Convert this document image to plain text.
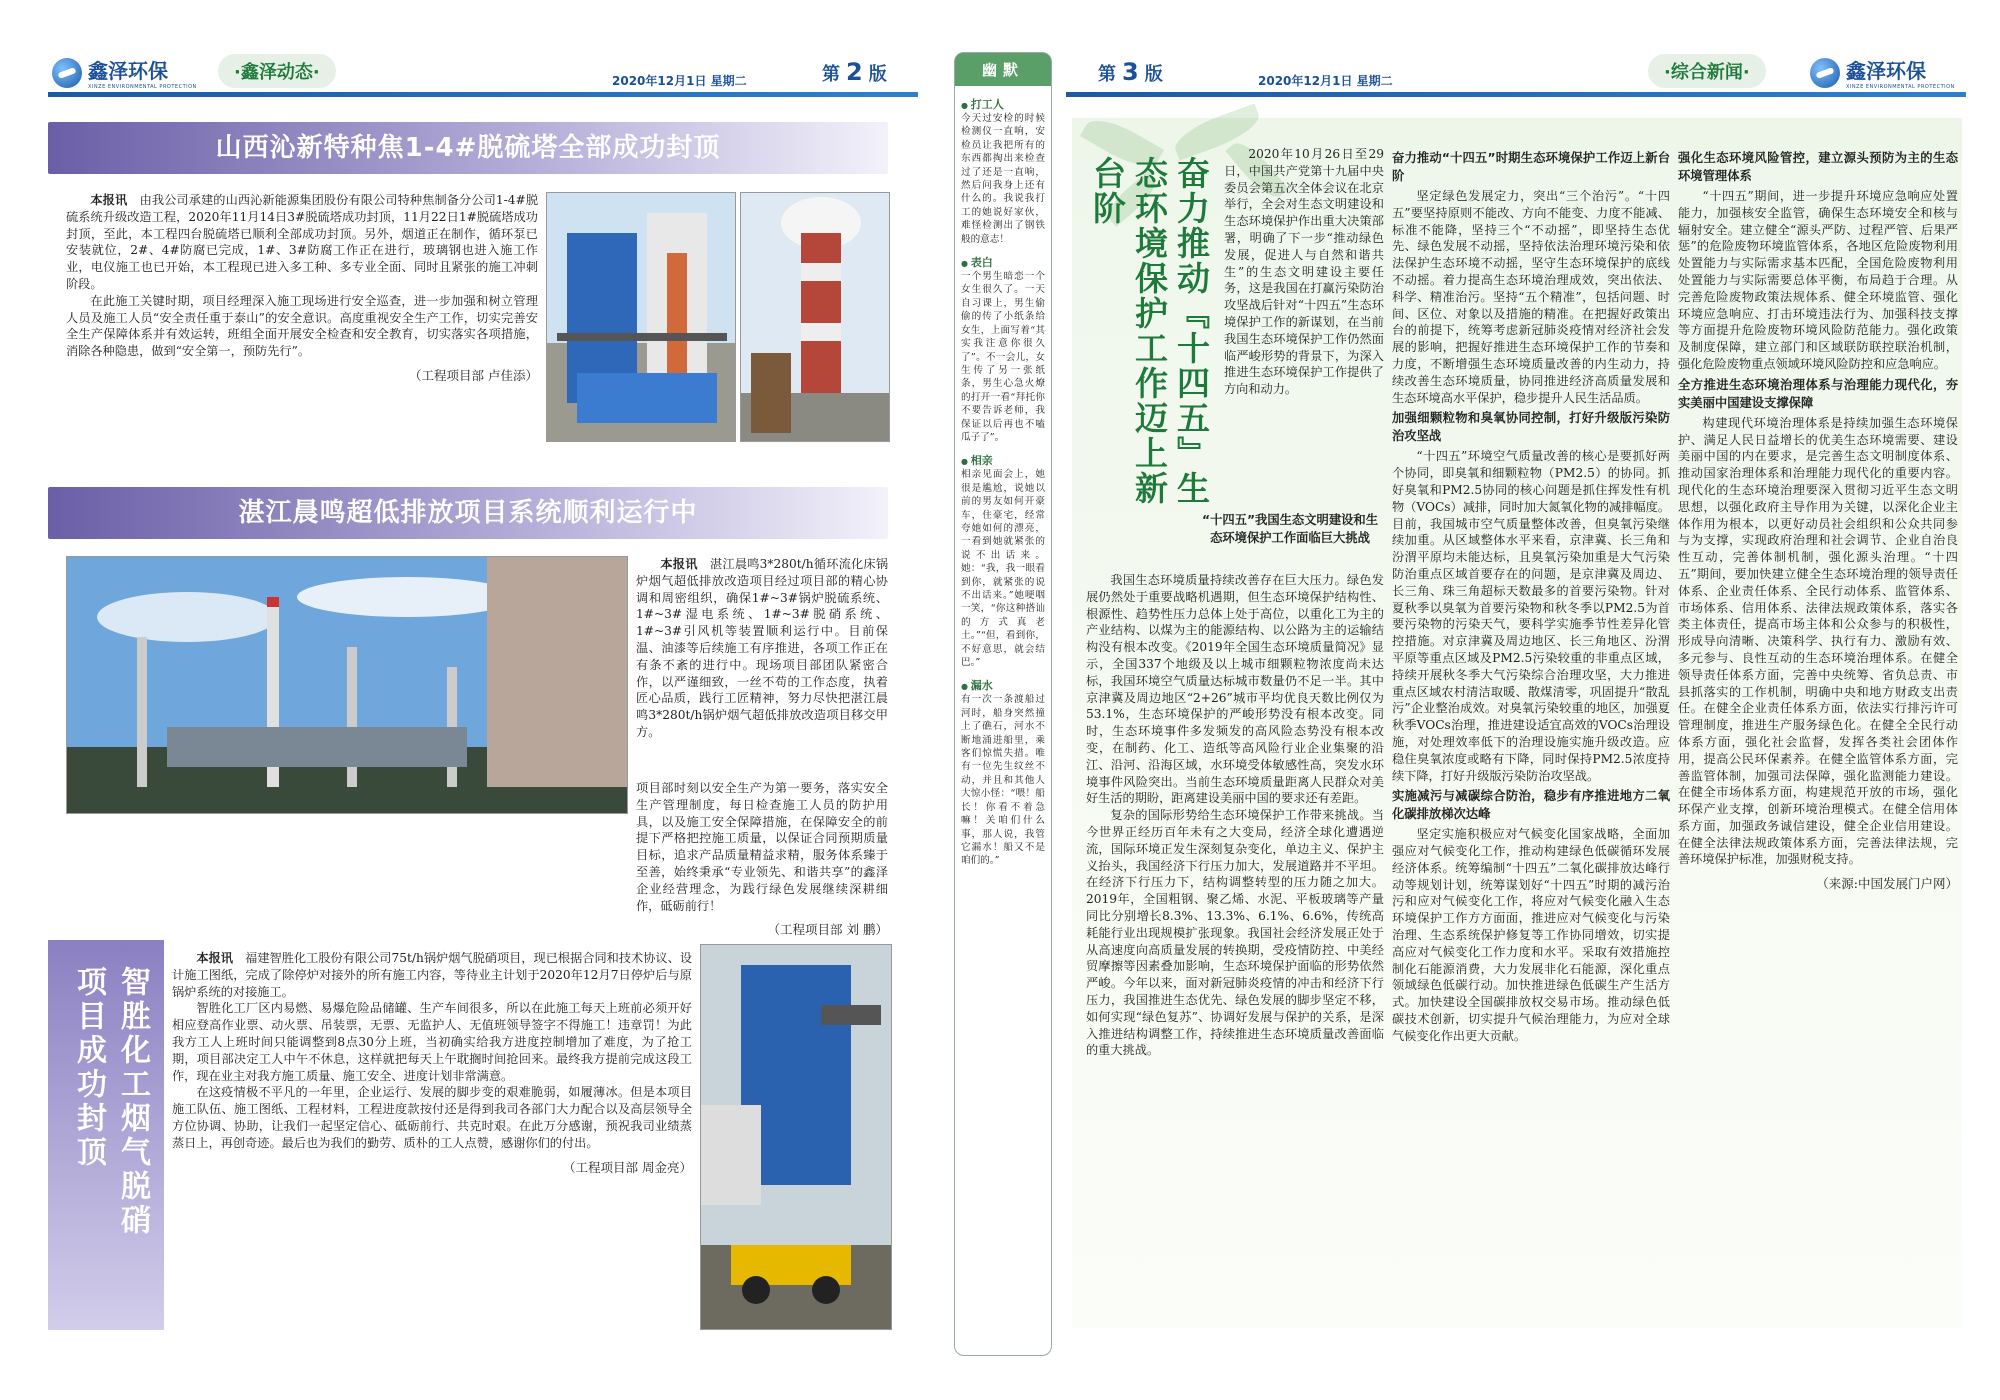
鑫泽环保
XINZE ENVIRONMENTAL PROTECTION
·鑫泽动态·	2020年12月1日 星期二	第 2 版
山西沁新特种焦1-4#脱硫塔全部成功封顶

本报讯　 由我公司承建的山西沁新能源集团股份有限公司特种焦制备分公司1-4#脱硫系统升级改造工程，2020年11月14日3#脱硫塔成功封顶，11月22日1#脱硫塔成功封顶，至此，本工程四台脱硫塔已顺利全部成功封顶。另外，烟道正在制作，循环泵已安装就位，2#、4#防腐已完成，1#、3#防腐工作正在进行，玻璃钢也进入施工作业，电仪施工也已开始，本工程现已进入多工种、多专业全面、同时且紧张的施工冲刺阶段。

在此施工关键时期，项目经理深入施工现场进行安全巡查，进一步加强和树立管理人员及施工人员“安全责任重于泰山”的安全意识。高度重视安全生产工作，切实完善安全生产保障体系并有效运转，班组全面开展安全检查和安全教育，切实落实各项措施，消除各种隐患，做到“安全第一，预防先行”。

（工程项目部 卢佳添）
湛江晨鸣超低排放项目系统顺利运行中

本报讯　 湛江晨鸣3*280t/h循环流化床锅炉烟气超低排放改造项目经过项目部的精心协调和周密组织，确保1#~3#锅炉脱硫系统、1#~3#湿电系统、1#~3#脱硝系统、1#~3#引风机等装置顺利运行中。目前保温、油漆等后续施工有序推进，各项工作正在有条不紊的进行中。现场项目部团队紧密合作，以严谨细致，一丝不苟的工作态度，执着匠心品质，践行工匠精神，努力尽快把湛江晨鸣3*280t/h锅炉烟气超低排放改造项目移交甲方。

项目部时刻以安全生产为第一要务，落实安全生产管理制度，每日检查施工人员的防护用具，以及施工安全保障措施，在保障安全的前提下严格把控施工质量，以保证合同预期质量目标，追求产品质量精益求精，服务体系臻于至善，始终秉承“专业领先、和谐共享”的鑫泽企业经营理念，为践行绿色发展继续深耕细作，砥砺前行！

（工程项目部 刘 鹏）
智胜化工烟气脱硝
项目成功封顶

本报讯　 福建智胜化工股份有限公司75t/h锅炉烟气脱硝项目，现已根据合同和技术协议、设计施工图纸，完成了除停炉对接外的所有施工内容，等待业主计划于2020年12月7日停炉后与原锅炉系统的对接施工。

智胜化工厂区内易燃、易爆危险品储罐、生产车间很多，所以在此施工每天上班前必须开好相应登高作业票、动火票、吊装票，无票、无监护人、无值班领导签字不得施工！违章罚！为此我方工人上班时间只能调整到8点30分上班，当初确实给我方进度控制增加了难度，为了抢工期，项目部决定工人中午不休息，这样就把每天上午耽搁时间抢回来。最终我方提前完成这段工作，现在业主对我方施工质量、施工安全、进度计划非常满意。

在这疫情极不平凡的一年里，企业运行、发展的脚步变的艰难脆弱，如履薄冰。但是本项目施工队伍、施工图纸、工程材料，工程进度款按付还是得到我司各部门大力配合以及高层领导全方位协调、协助，让我们一起坚定信心、砥砺前行、共克时艰。在此万分感谢，预祝我司业绩蒸蒸日上，再创奇迹。最后也为我们的勤劳、质朴的工人点赞，感谢你们的付出。

（工程项目部 周金亮）
幽默
● 打工人
今天过安检的时候检测仪一直响，安检员让我把所有的东西都掏出来检查过了还是一直响，然后问我身上还有什么的。我说我打工的她说好家伙，难怪检测出了钢铁般的意志！
● 表白
一个男生暗恋一个女生很久了。一天自习课上，男生偷偷的传了小纸条给女生，上面写着“其实我注意你很久了”。不一会儿，女生传了另一张纸条，男生心急火燎的打开一看“拜托你不要告诉老师，我保证以后再也不嗑瓜子了”。
● 相亲
相亲见面会上，她很是尴尬，说她以前的男友如何开豪车，住豪宅，经常夸她如何的漂亮，一看到她就紧张的说不出话来。她：“我，我一眼看到你，就紧张的说不出话来。”她哽咽一笑，“你这种搭讪的方式真老土。”“但，看到你，不好意思，就会结巴。”
● 漏水
有一次一条渡船过河时，船身突然撞上了礁石，河水不断地涌进船里，乘客们惊慌失措。唯有一位先生纹丝不动，并且和其他人大惊小怪：“喂！船长！你看不着急嘛！关咱们什么事，那人说，我管它漏水！船又不是咱们的。”
第 3 版	2020年12月1日 星期二	·综合新闻·	鑫泽环保
XINZE ENVIRONMENTAL PROTECTION
奋力推动『十四五』生态环境保护工作迈上新台阶

2020年10月26日至29日，中国共产党第十九届中央委员会第五次全体会议在北京举行，全会对生态文明建设和生态环境保护作出重大决策部署，明确了下一步“推动绿色发展，促进人与自然和谐共生”的生态文明建设主要任务，这是我国在打赢污染防治攻坚战后针对“十四五”生态环境保护工作的新谋划，在当前我国生态环境保护工作仍然面临严峻形势的背景下，为深入推进生态环境保护工作提供了方向和动力。

“十四五”我国生态文明建设和生态环境保护工作面临巨大挑战

我国生态环境质量持续改善存在巨大压力。绿色发展仍然处于重要战略机遇期，但生态环境保护结构性、根源性、趋势性压力总体上处于高位，以重化工为主的产业结构、以煤为主的能源结构、以公路为主的运输结构没有根本改变。《2019年全国生态环境质量简况》显示，全国337个地级及以上城市细颗粒物浓度尚未达标，我国环境空气质量达标城市数量仍不足一半。其中京津冀及周边地区“2+26”城市平均优良天数比例仅为53.1%，生态环境保护的严峻形势没有根本改变。同时，生态环境事件多发频发的高风险态势没有根本改变，在制药、化工、造纸等高风险行业企业集聚的沿江、沿河、沿海区域，水环境受体敏感性高，突发水环境事件风险突出。当前生态环境质量距离人民群众对美好生活的期盼，距离建设美丽中国的要求还有差距。

复杂的国际形势给生态环境保护工作带来挑战。当今世界正经历百年未有之大变局，经济全球化遭遇逆流，国际环境正发生深刻复杂变化，单边主义、保护主义抬头，我国经济下行压力加大，发展道路并不平坦。在经济下行压力下，结构调整转型的压力随之加大。2019年，全国粗钢、聚乙烯、水泥、平板玻璃等产量同比分别增长8.3%、13.3%、6.1%、6.6%，传统高耗能行业出现规模扩张现象。我国社会经济发展正处于从高速度向高质量发展的转换期，受疫情防控、中美经贸摩擦等因素叠加影响，生态环境保护面临的形势依然严峻。今年以来，面对新冠肺炎疫情的冲击和经济下行压力，我国推进生态优先、绿色发展的脚步坚定不移，如何实现“绿色复苏”、协调好发展与保护的关系，是深入推进结构调整工作，持续推进生态环境质量改善面临的重大挑战。

奋力推动“十四五”时期生态环境保护工作迈上新台阶

坚定绿色发展定力，突出“三个治污”。“十四五”要坚持原则不能改、方向不能变、力度不能减、标准不能降，坚持三个“不动摇”，即坚持生态优先、绿色发展不动摇，坚持依法治理环境污染和依法保护生态环境不动摇，坚守生态环境保护的底线不动摇。着力提高生态环境治理成效，突出依法、科学、精准治污。坚持“五个精准”，包括问题、时间、区位、对象以及措施的精准。在把握好政策出台的前提下，统筹考虑新冠肺炎疫情对经济社会发展的影响，把握好推进生态环境保护工作的节奏和力度，不断增强生态环境质量改善的内生动力，持续改善生态环境质量，协同推进经济高质量发展和生态环境高水平保护，稳步提升人民生活品质。

加强细颗粒物和臭氧协同控制，打好升级版污染防治攻坚战

“十四五”环境空气质量改善的核心是要抓好两个协同，即臭氧和细颗粒物（PM2.5）的协同。抓好臭氧和PM2.5协同的核心问题是抓住挥发性有机物（VOCs）减排，同时加大氮氧化物的减排幅度。目前，我国城市空气质量整体改善，但臭氧污染继续加重。从区域整体水平来看，京津冀、长三角和汾渭平原均未能达标，且臭氧污染加重是大气污染防治重点区域首要存在的问题，是京津冀及周边、长三角、珠三角超标天数最多的首要污染物。针对夏秋季以臭氧为首要污染物和秋冬季以PM2.5为首要污染物的污染天气，要科学实施季节性差异化管控措施。对京津冀及周边地区、长三角地区、汾渭平原等重点区域及PM2.5污染较重的非重点区域，持续开展秋冬季大气污染综合治理攻坚，大力推进重点区域农村清洁取暖、散煤清零，巩固提升“散乱污”企业整治成效。对臭氧污染较重的地区，加强夏秋季VOCs治理，推进建设适宜高效的VOCs治理设施，对处理效率低下的治理设施实施升级改造。应稳住臭氧浓度或略有下降，同时保持PM2.5浓度持续下降，打好升级版污染防治攻坚战。

实施减污与减碳综合防治，稳步有序推进地方二氧化碳排放梯次达峰

坚定实施积极应对气候变化国家战略，全面加强应对气候变化工作，推动构建绿色低碳循环发展经济体系。统筹编制“十四五”二氧化碳排放达峰行动等规划计划，统筹谋划好“十四五”时期的减污治污和应对气候变化工作，将应对气候变化融入生态环境保护工作方方面面，推进应对气候变化与污染治理、生态系统保护修复等工作协同增效，切实提高应对气候变化工作力度和水平。采取有效措施控制化石能源消费，大力发展非化石能源，深化重点领域绿色低碳行动。加快推进绿色低碳生产生活方式。加快建设全国碳排放权交易市场。推动绿色低碳技术创新，切实提升气候治理能力，为应对全球气候变化作出更大贡献。

强化生态环境风险管控，建立源头预防为主的生态环境管理体系

“十四五”期间，进一步提升环境应急响应处置能力，加强核安全监管，确保生态环境安全和核与辐射安全。建立健全“源头严防、过程严管、后果严惩”的危险废物环境监管体系，各地区危险废物利用处置能力与实际需求基本匹配，全国危险废物利用处置能力与实际需要总体平衡，布局趋于合理。从完善危险废物政策法规体系、健全环境监管、强化环境应急响应、打击环境违法行为、加强科技支撑等方面提升危险废物环境风险防范能力。强化政策及制度保障，建立部门和区域联防联控联治机制，强化危险废物重点领域环境风险防控和应急响应。

全方推进生态环境治理体系与治理能力现代化，夯实美丽中国建设支撑保障

构建现代环境治理体系是持续加强生态环境保护、满足人民日益增长的优美生态环境需要、建设美丽中国的内在要求，是完善生态文明制度体系、推动国家治理体系和治理能力现代化的重要内容。现代化的生态环境治理要深入贯彻习近平生态文明思想，以强化政府主导作用为关键，以深化企业主体作用为根本，以更好动员社会组织和公众共同参与为支撑，实现政府治理和社会调节、企业自治良性互动，完善体制机制，强化源头治理。“十四五”期间，要加快建立健全生态环境治理的领导责任体系、企业责任体系、全民行动体系、监管体系、市场体系、信用体系、法律法规政策体系，落实各类主体责任，提高市场主体和公众参与的积极性，形成导向清晰、决策科学、执行有力、激励有效、多元参与、良性互动的生态环境治理体系。在健全领导责任体系方面，完善中央统筹、省负总责、市县抓落实的工作机制，明确中央和地方财政支出责任。在健全企业责任体系方面，依法实行排污许可管理制度，推进生产服务绿色化。在健全全民行动体系方面，强化社会监督，发挥各类社会团体作用，提高公民环保素养。在健全监管体系方面，完善监管体制，加强司法保障，强化监测能力建设。在健全市场体系方面，构建规范开放的市场，强化环保产业支撑，创新环境治理模式。在健全信用体系方面，加强政务诚信建设，健全企业信用建设。在健全法律法规政策体系方面，完善法律法规，完善环境保护标准，加强财税支持。

（来源:中国发展门户网）
